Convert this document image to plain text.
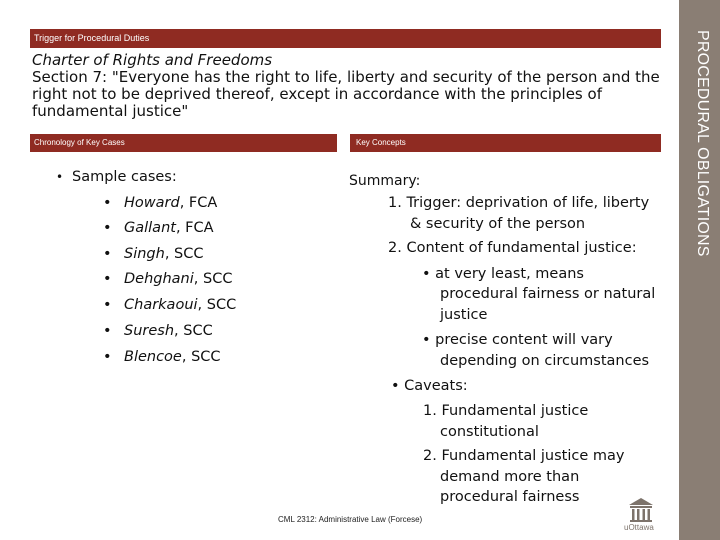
Trigger for Procedural Duties	PROCEDURAL OBLIGATIONS
Charter of Rights and Freedoms
Section 7: "Everyone has the right to life, liberty and security of the person and the right not to be deprived thereof, except in accordance with the principles of fundamental justice"
Chronology of Key Cases	Key Concepts
• Sample cases:
• Howard, FCA
• Gallant, FCA
• Singh, SCC
• Dehghani, SCC
• Charkaoui, SCC
• Suresh, SCC
• Blencoe, SCC
Summary:
1. Trigger: deprivation of life, liberty
& security of the person
2. Content of fundamental justice:
• at very least, means
procedural fairness or natural
justice
• precise content will vary
depending on circumstances
• Caveats:
1. Fundamental justice
constitutional
2. Fundamental justice may
demand more than
procedural fairness
CML 2312: Administrative Law (Forcese)
uOttawa
